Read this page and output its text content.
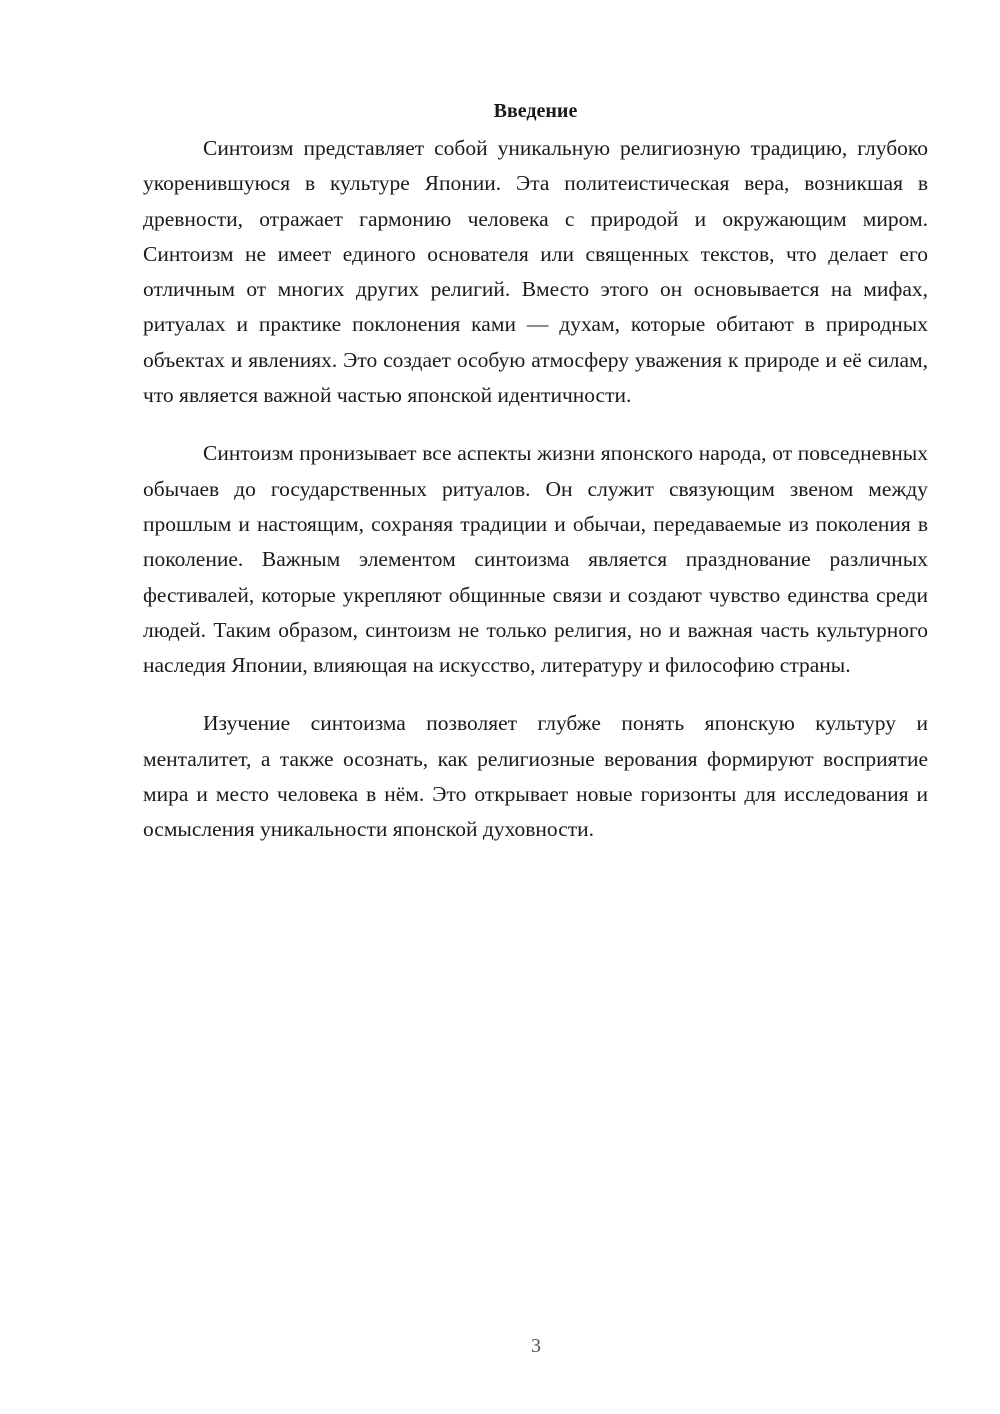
Введение

Синтоизм представляет собой уникальную религиозную традицию, глубоко укоренившуюся в культуре Японии. Эта политеистическая вера, возникшая в древности, отражает гармонию человека с природой и окружающим миром. Синтоизм не имеет единого основателя или священных текстов, что делает его отличным от многих других религий. Вместо этого он основывается на мифах, ритуалах и практике поклонения ками — духам, которые обитают в природных объектах и явлениях. Это создает особую атмосферу уважения к природе и её силам, что является важной частью японской идентичности.

Синтоизм пронизывает все аспекты жизни японского народа, от повседневных обычаев до государственных ритуалов. Он служит связующим звеном между прошлым и настоящим, сохраняя традиции и обычаи, передаваемые из поколения в поколение. Важным элементом синтоизма является празднование различных фестивалей, которые укрепляют общинные связи и создают чувство единства среди людей. Таким образом, синтоизм не только религия, но и важная часть культурного наследия Японии, влияющая на искусство, литературу и философию страны.

Изучение синтоизма позволяет глубже понять японскую культуру и менталитет, а также осознать, как религиозные верования формируют восприятие мира и место человека в нём. Это открывает новые горизонты для исследования и осмысления уникальности японской духовности.

3
